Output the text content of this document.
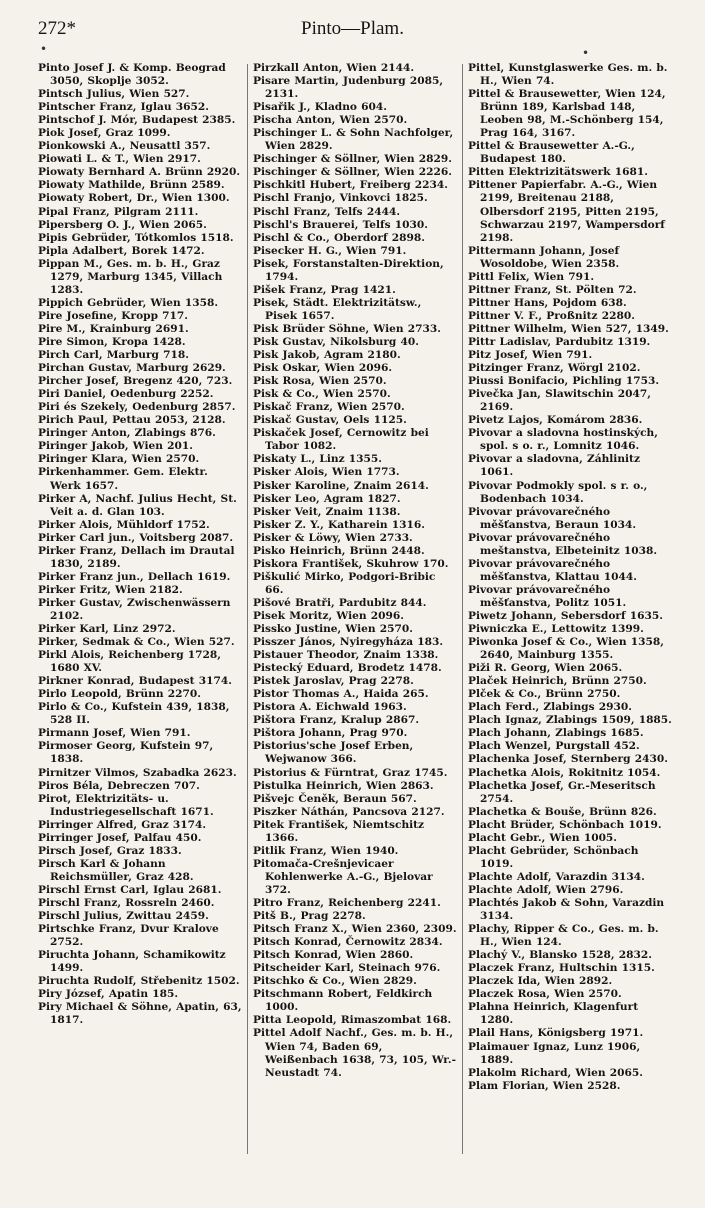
272*	Pinto—Plam.
•	•

Pinto Josef J. & Komp. Beograd 3050, Skoplje 3052.

Pintsch Julius, Wien 527.

Pintscher Franz, Iglau 3652.

Pintschof J. Mór, Budapest 2385.

Piok Josef, Graz 1099.

Pionkowski A., Neusattl 357.

Piowati L. & T., Wien 2917.

Piowaty Bernhard A. Brünn 2920.

Piowaty Mathilde, Brünn 2589.

Piowaty Robert, Dr., Wien 1300.

Pipal Franz, Pilgram 2111.

Pipersberg O. J., Wien 2065.

Pipis Gebrüder, Tótkomlos 1518.

Pipla Adalbert, Borek 1472.

Pippan M., Ges. m. b. H., Graz 1279, Marburg 1345, Villach 1283.

Pippich Gebrüder, Wien 1358.

Pire Josefine, Kropp 717.

Pire M., Krainburg 2691.

Pire Simon, Kropa 1428.

Pirch Carl, Marburg 718.

Pirchan Gustav, Marburg 2629.

Pircher Josef, Bregenz 420, 723.

Piri Daniel, Oedenburg 2252.

Piri és Szekely, Oedenburg 2857.

Pirich Paul, Pettau 2053, 2128.

Piringer Anton, Zlabings 876.

Piringer Jakob, Wien 201.

Piringer Klara, Wien 2570.

Pirkenhammer. Gem. Elektr. Werk 1657.

Pirker A, Nachf. Julius Hecht, St. Veit a. d. Glan 103.

Pirker Alois, Mühldorf 1752.

Pirker Carl jun., Voitsberg 2087.

Pirker Franz, Dellach im Drautal 1830, 2189.

Pirker Franz jun., Dellach 1619.

Pirker Fritz, Wien 2182.

Pirker Gustav, Zwischenwässern 2102.

Pirker Karl, Linz 2972.

Pirker, Sedmak & Co., Wien 527.

Pirkl Alois, Reichenberg 1728, 1680 XV.

Pirkner Konrad, Budapest 3174.

Pirlo Leopold, Brünn 2270.

Pirlo & Co., Kufstein 439, 1838, 528 II.

Pirmann Josef, Wien 791.

Pirmoser Georg, Kufstein 97, 1838.

Pirnitzer Vilmos, Szabadka 2623.

Piros Béla, Debreczen 707.

Pirot, Elektrizitäts- u. Industriegesellschaft 1671.

Pirringer Alfred, Graz 3174.

Pirringer Josef, Palfau 450.

Pirsch Josef, Graz 1833.

Pirsch Karl & Johann Reichsmüller, Graz 428.

Pirschl Ernst Carl, Iglau 2681.

Pirschl Franz, Rossreln 2460.

Pirschl Julius, Zwittau 2459.

Pirtschke Franz, Dvur Kralove 2752.

Piruchta Johann, Schamikowitz 1499.

Piruchta Rudolf, Střebenitz 1502.

Piry József, Apatin 185.

Piry Michael & Söhne, Apatin, 63, 1817.

Pirzkall Anton, Wien 2144.

Pisare Martin, Judenburg 2085, 2131.

Pisařik J., Kladno 604.

Pischa Anton, Wien 2570.

Pischinger L. & Sohn Nachfolger, Wien 2829.

Pischinger & Söllner, Wien 2829.

Pischinger & Söllner, Wien 2226.

Pischkitl Hubert, Freiberg 2234.

Pischl Franjo, Vinkovci 1825.

Pischl Franz, Telfs 2444.

Pischl's Brauerei, Telfs 1030.

Pischl & Co., Oberdorf 2898.

Pisecker H. G., Wien 791.

Pisek, Forstanstalten-Direktion, 1794.

Pišek Franz, Prag 1421.

Pisek, Städt. Elektrizitätsw., Pisek 1657.

Pisk Brüder Söhne, Wien 2733.

Pisk Gustav, Nikolsburg 40.

Pisk Jakob, Agram 2180.

Pisk Oskar, Wien 2096.

Pisk Rosa, Wien 2570.

Pisk & Co., Wien 2570.

Piskač Franz, Wien 2570.

Piskač Gustav, Oels 1125.

Piskaček Josef, Cernowitz bei Tabor 1082.

Piskaty L., Linz 1355.

Pisker Alois, Wien 1773.

Pisker Karoline, Znaim 2614.

Pisker Leo, Agram 1827.

Pisker Veit, Znaim 1138.

Pisker Z. Y., Katharein 1316.

Pisker & Löwy, Wien 2733.

Pisko Heinrich, Brünn 2448.

Piskora František, Skuhrow 170.

Piškulić Mirko, Podgori-Bribic 66.

Pišové Bratři, Pardubitz 844.

Pisek Moritz, Wien 2096.

Pissko Justine, Wien 2570.

Pisszer János, Nyiregyháza 183.

Pistauer Theodor, Znaim 1338.

Pistecký Eduard, Brodetz 1478.

Pistek Jaroslav, Prag 2278.

Pistor Thomas A., Haida 265.

Pistora A. Eichwald 1963.

Pištora Franz, Kralup 2867.

Pištora Johann, Prag 970.

Pistorius'sche Josef Erben, Wejwanow 366.

Pistorius & Fürntrat, Graz 1745.

Pistulka Heinrich, Wien 2863.

Pišvejc Čeněk, Beraun 567.

Piszker Náthán, Pancsova 2127.

Pitek František, Niemtschitz 1366.

Pitlik Franz, Wien 1940.

Pitomača-Crešnjevicaer Kohlenwerke A.-G., Bjelovar 372.

Pitro Franz, Reichenberg 2241.

Pitš B., Prag 2278.

Pitsch Franz X., Wien 2360, 2309.

Pitsch Konrad, Černowitz 2834.

Pitsch Konrad, Wien 2860.

Pitscheider Karl, Steinach 976.

Pitschko & Co., Wien 2829.

Pitschmann Robert, Feldkirch 1000.

Pitta Leopold, Rimaszombat 168.

Pittel Adolf Nachf., Ges. m. b. H., Wien 74, Baden 69, Weißenbach 1638, 73, 105, Wr.-Neustadt 74.

Pittel, Kunstglaswerke Ges. m. b. H., Wien 74.

Pittel & Brausewetter, Wien 124, Brünn 189, Karlsbad 148, Leoben 98, M.-Schönberg 154, Prag 164, 3167.

Pittel & Brausewetter A.-G., Budapest 180.

Pitten Elektrizitätswerk 1681.

Pittener Papierfabr. A.-G., Wien 2199, Breitenau 2188, Olbersdorf 2195, Pitten 2195, Schwarzau 2197, Wampersdorf 2198.

Pittermann Johann, Josef Wosoldobe, Wien 2358.

Pittl Felix, Wien 791.

Pittner Franz, St. Pölten 72.

Pittner Hans, Pojdom 638.

Pittner V. F., Proßnitz 2280.

Pittner Wilhelm, Wien 527, 1349.

Pittr Ladislav, Pardubitz 1319.

Pitz Josef, Wien 791.

Pitzinger Franz, Wörgl 2102.

Piussi Bonifacio, Pichling 1753.

Pivečka Jan, Slawitschin 2047, 2169.

Pivetz Lajos, Komárom 2836.

Pivovar a sladovna hostinských, spol. s o. r., Lomnitz 1046.

Pivovar a sladovna, Záhlinitz 1061.

Pivovar Podmokly spol. s r. o., Bodenbach 1034.

Pivovar právovarečného měšťanstva, Beraun 1034.

Pivovar právovarečného meštanstva, Elbeteinitz 1038.

Pivovar právovarečného měšťanstva, Klattau 1044.

Pivovar právovarečného měšťanstva, Politz 1051.

Piwetz Johann, Sebersdorf 1635.

Piwniczka E., Lettowitz 1399.

Piwonka Josef & Co., Wien 1358, 2640, Mainburg 1355.

Piži R. Georg, Wien 2065.

Plaček Heinrich, Brünn 2750.

Plček & Co., Brünn 2750.

Plach Ferd., Zlabings 2930.

Plach Ignaz, Zlabings 1509, 1885.

Plach Johann, Zlabings 1685.

Plach Wenzel, Purgstall 452.

Plachenka Josef, Sternberg 2430.

Plachetka Alois, Rokitnitz 1054.

Plachetka Josef, Gr.-Meseritsch 2754.

Plachetka & Bouše, Brünn 826.

Placht Brüder, Schönbach 1019.

Placht Gebr., Wien 1005.

Placht Gebrüder, Schönbach 1019.

Plachte Adolf, Varazdin 3134.

Plachte Adolf, Wien 2796.

Plachtés Jakob & Sohn, Varazdin 3134.

Plachy, Ripper & Co., Ges. m. b. H., Wien 124.

Plachý V., Blansko 1528, 2832.

Placzek Franz, Hultschin 1315.

Placzek Ida, Wien 2892.

Placzek Rosa, Wien 2570.

Plahna Heinrich, Klagenfurt 1280.

Plail Hans, Königsberg 1971.

Plaimauer Ignaz, Lunz 1906, 1889.

Plakolm Richard, Wien 2065.

Plam Florian, Wien 2528.
